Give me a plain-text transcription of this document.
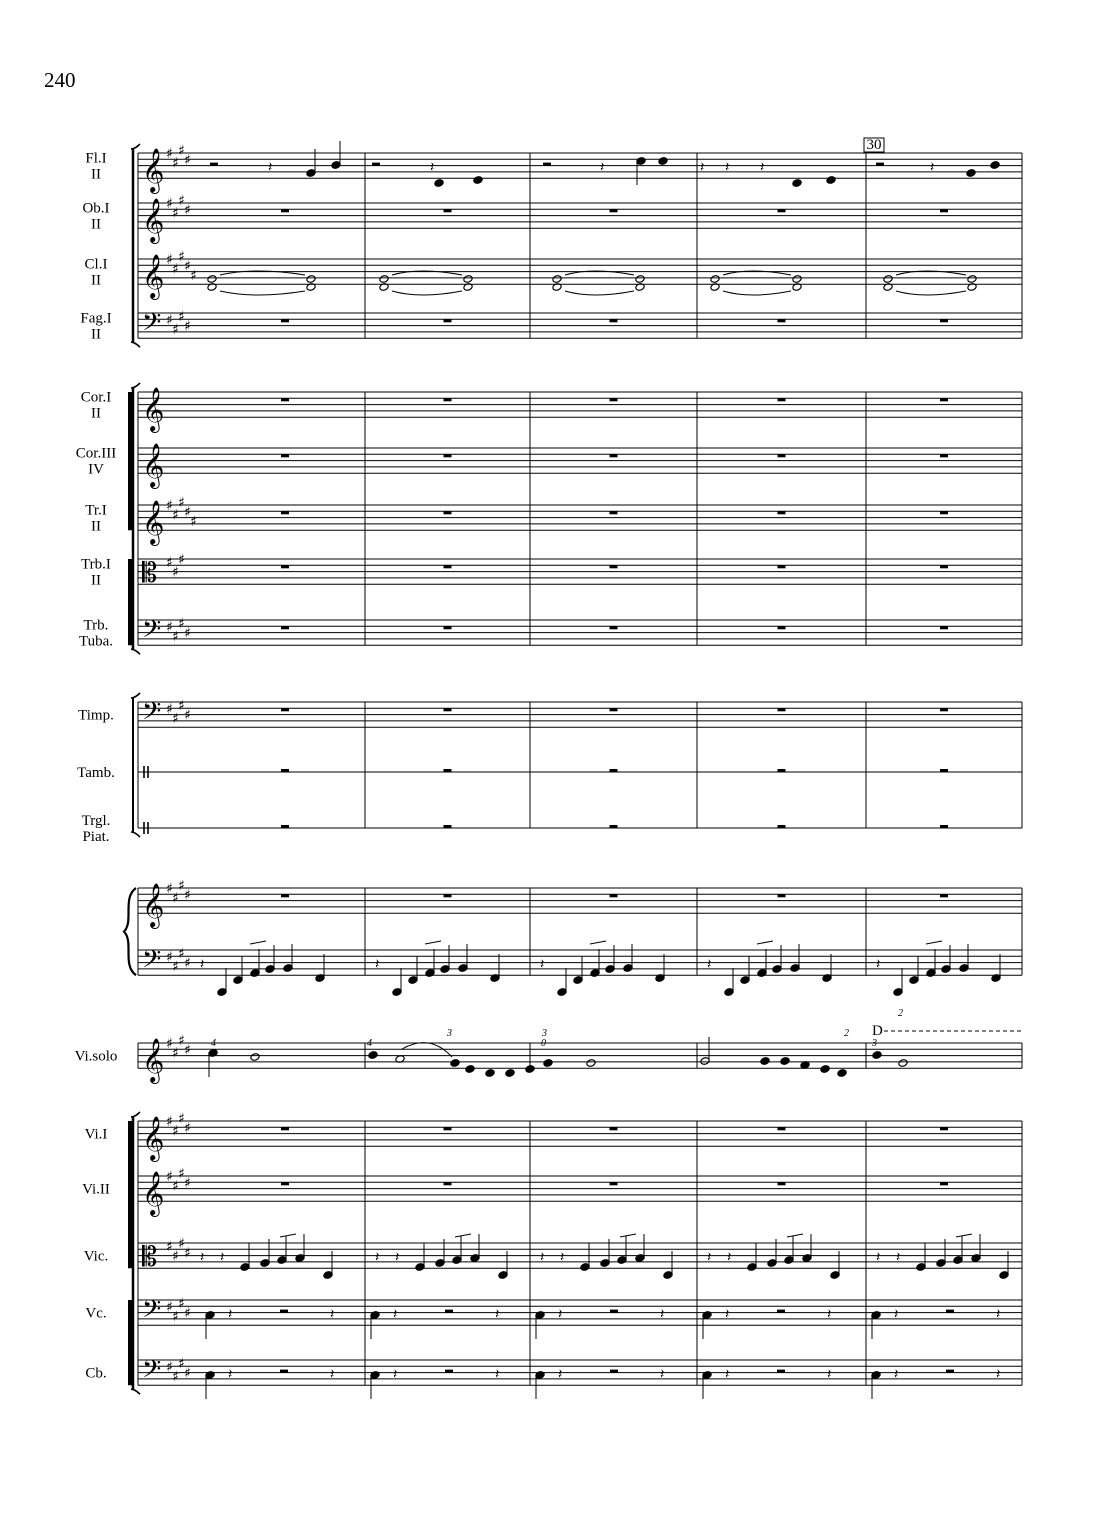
240
Fl.I
II
Ob.I
II
Cl.I
II
Fag.I
II
Cor.I
II
Cor.III
IV
Tr.I
II
Trb.I
II
Trb.
Tuba.
Timp.
Tamb.
Trgl.
Piat.
Vi.solo
Vi.I
Vi.II
Vic.
Vc.
Cb.
𝄞 ♯
♯
♯
♯
𝄞 ♯
♯
♯
♯
𝄞 ♯
♯
♯
♯
♯
𝄢 ♯
♯
♯
♯
𝄞
𝄞
𝄞 ♯
♯
♯
♯
♯
𝄡 ♯
♯
♯
𝄢 ♯
♯
♯
♯
𝄢 ♯
♯
♯
♯
𝄞 ♯
♯
♯
♯
𝄢 ♯
♯
♯
♯
𝄞 ♯
♯
♯
♯
𝄞 ♯
♯
♯
♯
𝄞 ♯
♯
♯
♯
𝄡 ♯
♯
♯
♯
𝄢 ♯
♯
♯
♯
𝄢 ♯
♯
♯
♯
𝄽	𝄽	𝄽	𝄽 𝄽 𝄽	𝄽
𝄽	𝄽	𝄽	𝄽	𝄽
𝄽 𝄽	𝄽 𝄽	𝄽 𝄽	𝄽 𝄽	𝄽 𝄽
𝄽	𝄽	𝄽	𝄽	𝄽	𝄽	𝄽	𝄽	𝄽	𝄽
𝄽	𝄽	𝄽	𝄽	𝄽	𝄽	𝄽	𝄽	𝄽	𝄽
30
D
4	4
3	3	2
3
2
0
